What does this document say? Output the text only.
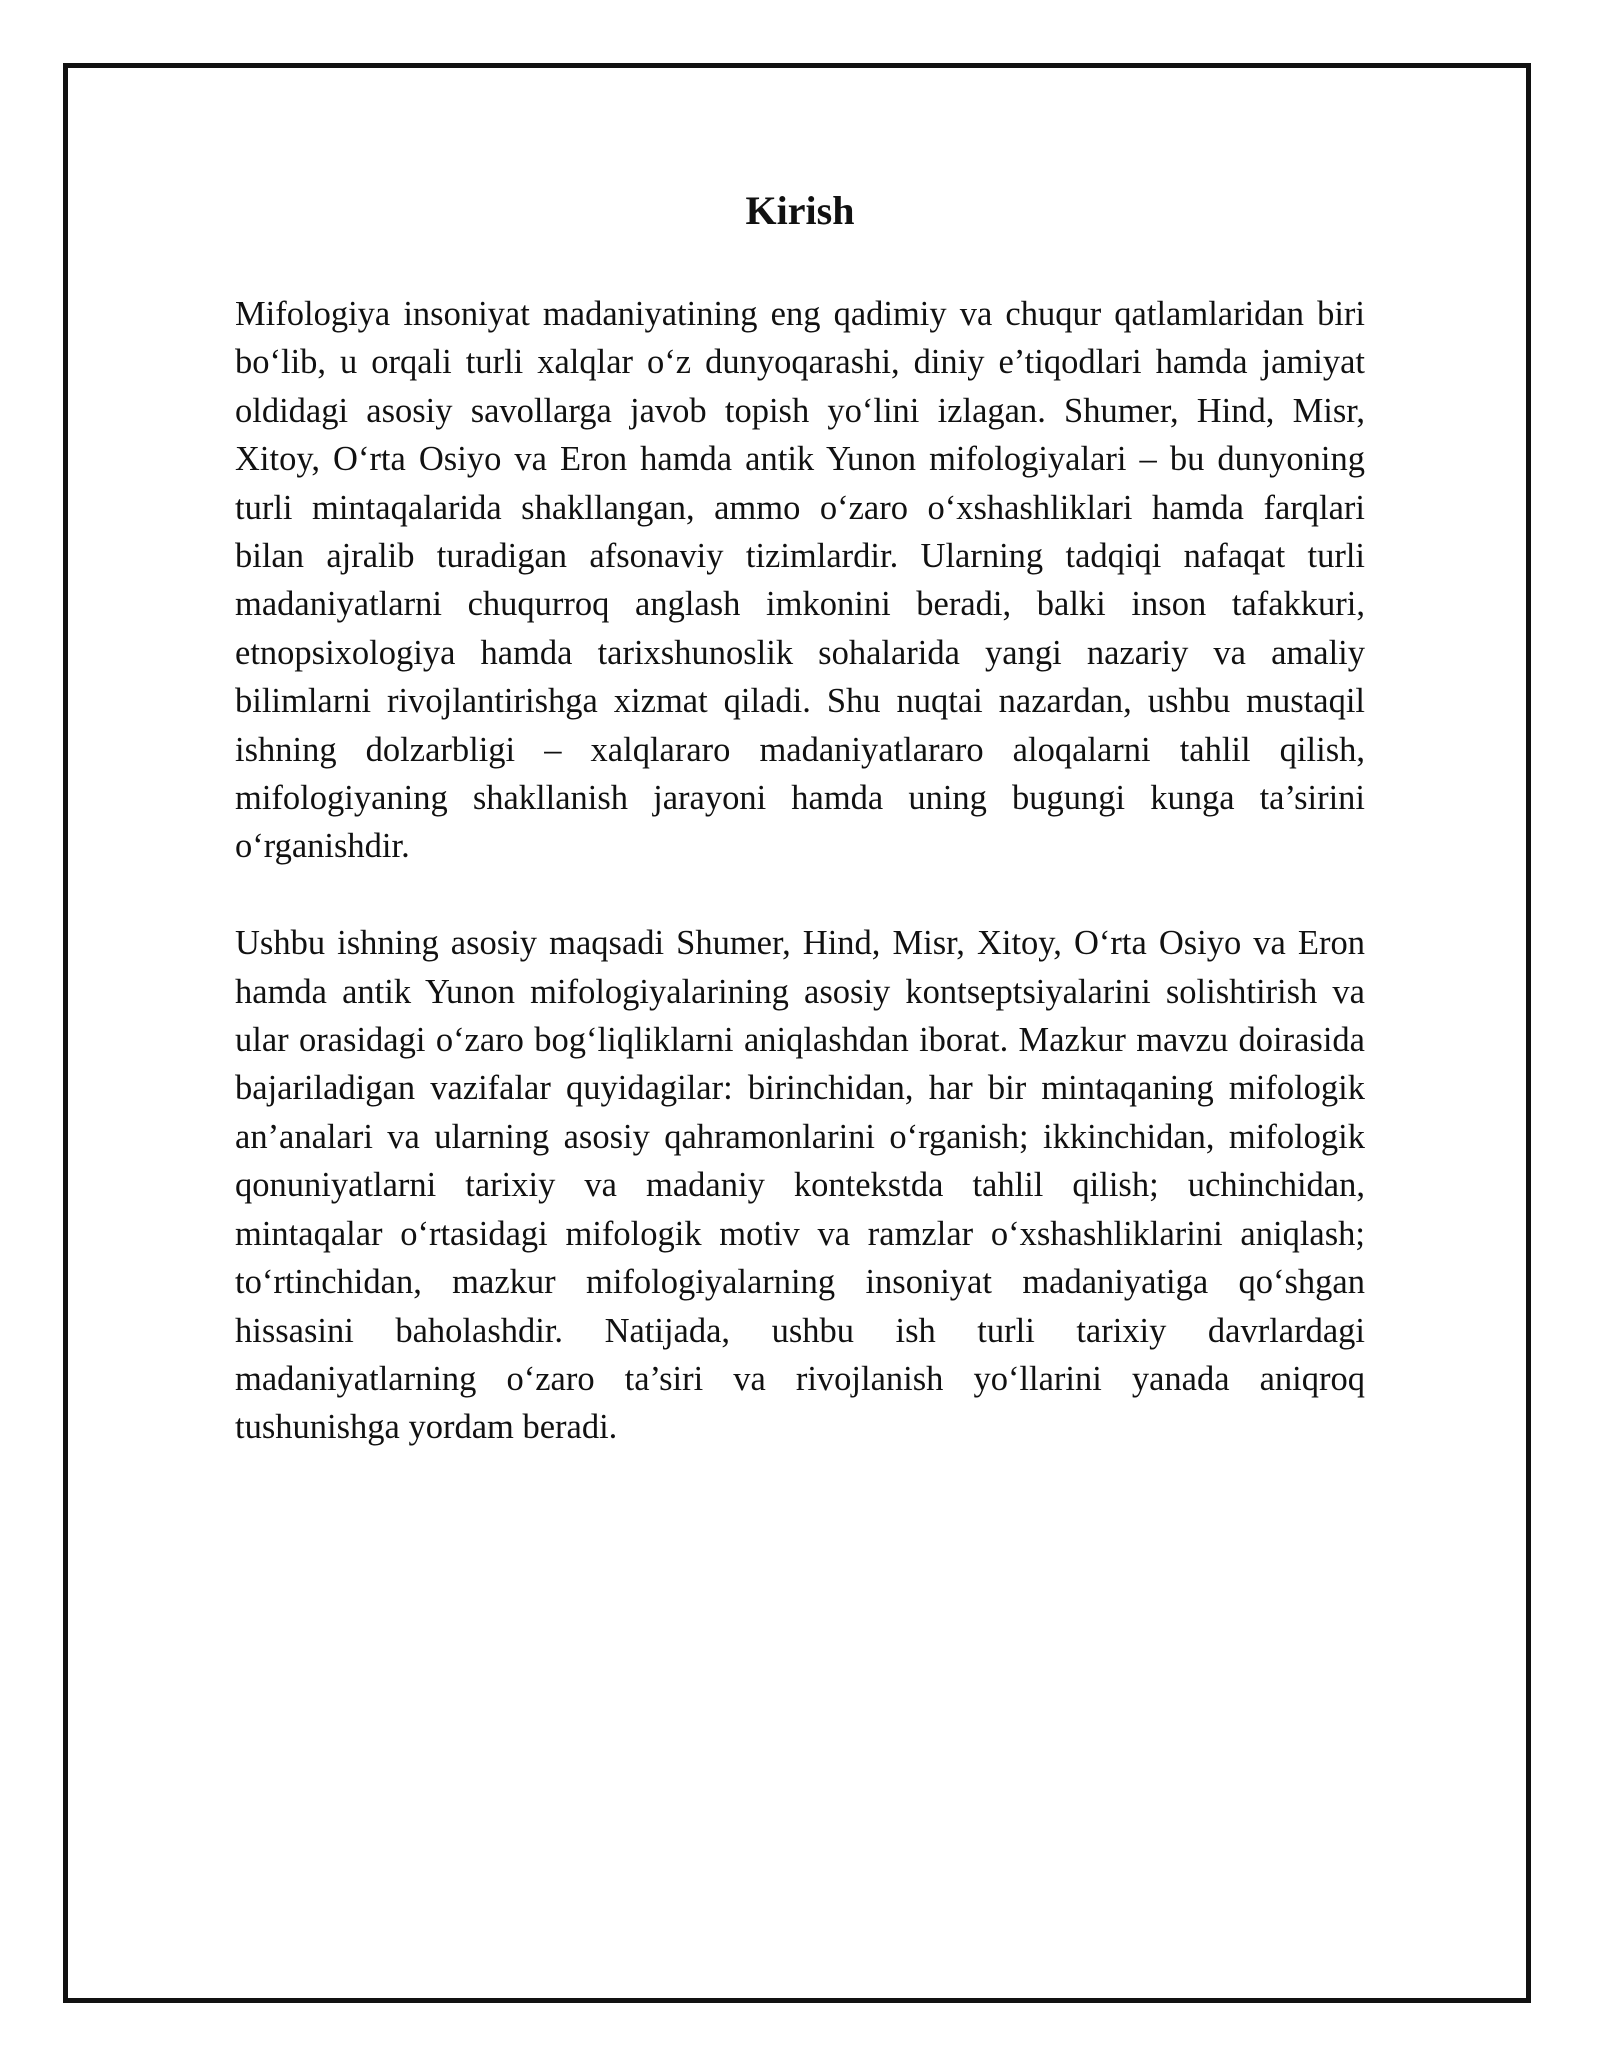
Kirish

Mifologiya insoniyat madaniyatining eng qadimiy va chuqur qatlamlaridan biri bo‘lib, u orqali turli xalqlar o‘z dunyoqarashi, diniy e’tiqodlari hamda jamiyat oldidagi asosiy savollarga javob topish yo‘lini izlagan. Shumer, Hind, Misr, Xitoy, O‘rta Osiyo va Eron hamda antik Yunon mifologiyalari – bu dunyoning turli mintaqalarida shakllangan, ammo o‘zaro o‘xshashliklari hamda farqlari bilan ajralib turadigan afsonaviy tizimlardir. Ularning tadqiqi nafaqat turli madaniyatlarni chuqurroq anglash imkonini beradi, balki inson tafakkuri, etnopsixologiya hamda tarixshunoslik sohalarida yangi nazariy va amaliy bilimlarni rivojlantirishga xizmat qiladi. Shu nuqtai nazardan, ushbu mustaqil ishning dolzarbligi – xalqlararo madaniyatlararo aloqalarni tahlil qilish, mifologiyaning shakllanish jarayoni hamda uning bugungi kunga ta’sirini o‘rganishdir.

Ushbu ishning asosiy maqsadi Shumer, Hind, Misr, Xitoy, O‘rta Osiyo va Eron hamda antik Yunon mifologiyalarining asosiy kontseptsiyalarini solishtirish va ular orasidagi o‘zaro bog‘liqliklarni aniqlashdan iborat. Mazkur mavzu doirasida bajariladigan vazifalar quyidagilar: birinchidan, har bir mintaqaning mifologik an’analari va ularning asosiy qahramonlarini o‘rganish; ikkinchidan, mifologik qonuniyatlarni tarixiy va madaniy kontekstda tahlil qilish; uchinchidan, mintaqalar o‘rtasidagi mifologik motiv va ramzlar o‘xshashliklarini aniqlash; to‘rtinchidan, mazkur mifologiyalarning insoniyat madaniyatiga qo‘shgan hissasini baholashdir. Natijada, ushbu ish turli tarixiy davrlardagi madaniyatlarning o‘zaro ta’siri va rivojlanish yo‘llarini yanada aniqroq tushunishga yordam beradi.
